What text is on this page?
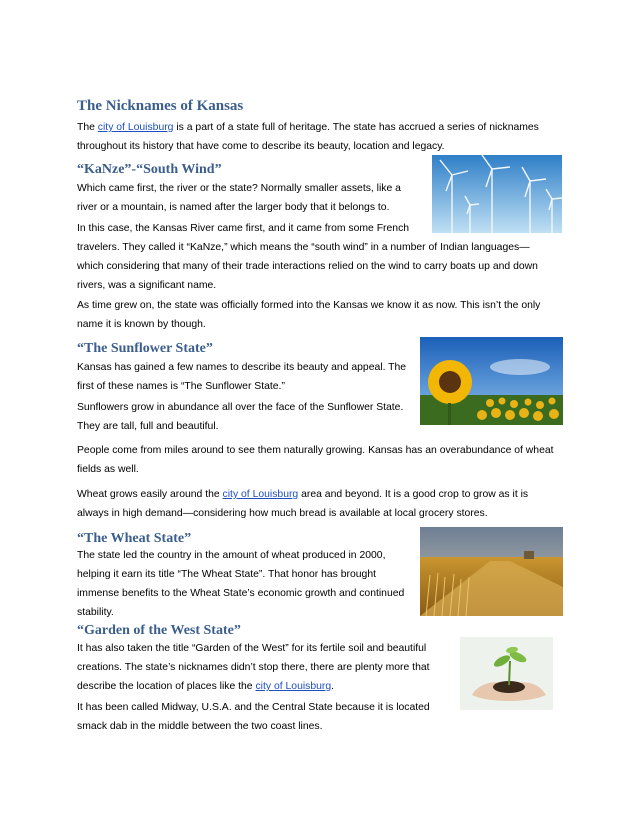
The Nicknames of Kansas

The city of Louisburg is a part of a state full of heritage. The state has accrued a series of nicknames
throughout its history that have come to describe its beauty, location and legacy.

“KaNze”-“South Wind”

Which came first, the river or the state? Normally smaller assets, like a
river or a mountain, is named after the larger body that it belongs to.

In this case, the Kansas River came first, and it came from some French
travelers. They called it “KaNze,” which means the “south wind” in a number of Indian languages—
which considering that many of their trade interactions relied on the wind to carry boats up and down
rivers, was a significant name.

As time grew on, the state was officially formed into the Kansas we know it as now. This isn’t the only
name it is known by though.

“The Sunflower State”

Kansas has gained a few names to describe its beauty and appeal. The
first of these names is “The Sunflower State.”

Sunflowers grow in abundance all over the face of the Sunflower State.
They are tall, full and beautiful.

People come from miles around to see them naturally growing. Kansas has an overabundance of wheat
fields as well.

Wheat grows easily around the city of Louisburg area and beyond. It is a good crop to grow as it is
always in high demand—considering how much bread is available at local grocery stores.

“The Wheat State”

The state led the country in the amount of wheat produced in 2000,
helping it earn its title “The Wheat State”. That honor has brought
immense benefits to the Wheat State’s economic growth and continued
stability.

“Garden of the West State”

It has also taken the title “Garden of the West” for its fertile soil and beautiful
creations. The state’s nicknames didn’t stop there, there are plenty more that
describe the location of places like the city of Louisburg.

It has been called Midway, U.S.A. and the Central State because it is located
smack dab in the middle between the two coast lines.
